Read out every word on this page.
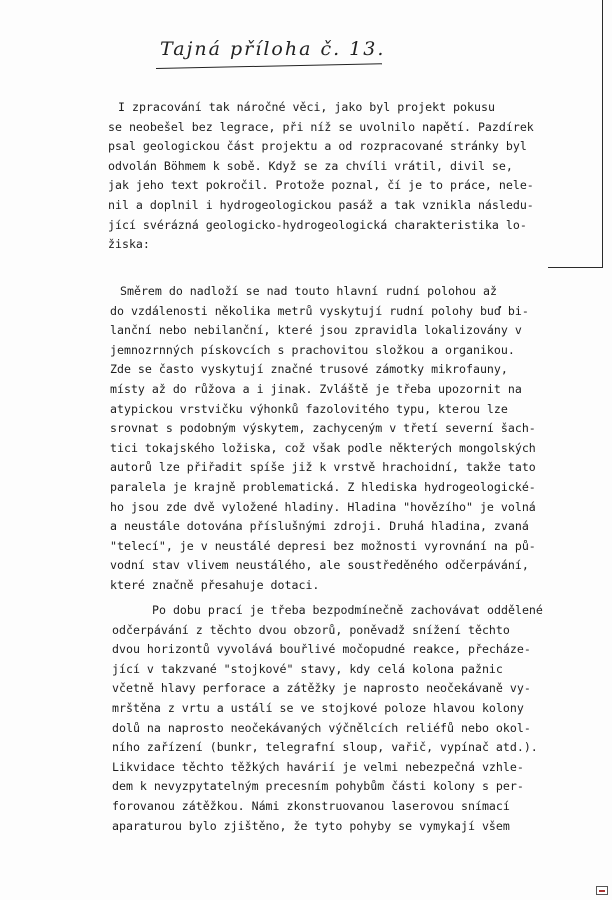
Tajná příloha č. 13.
I zpracování tak náročné věci, jako byl projekt pokusu
se neobešel bez legrace, při níž se uvolnilo napětí. Pazdírek
psal geologickou část projektu a od rozpracované stránky byl
odvolán Böhmem k sobě. Když se za chvíli vrátil, divil se,
jak jeho text pokročil. Protože poznal, čí je to práce, nele-
nil a doplnil i hydrogeologickou pasáž a tak vznikla následu-
jící svérázná geologicko-hydrogeologická charakteristika lo-
žiska:
Směrem do nadloží se nad touto hlavní rudní polohou až
do vzdálenosti několika metrů vyskytují rudní polohy buď bi-
lanční nebo nebilanční, které jsou zpravidla lokalizovány v
jemnozrnných pískovcích s prachovitou složkou a organikou.
Zde se často vyskytují značné trusové zámotky mikrofauny,
místy až do růžova a i jinak. Zvláště je třeba upozornit na
atypickou vrstvičku výhonků fazolovitého typu, kterou lze
srovnat s podobným výskytem, zachyceným v třetí severní šach-
tici tokajského ložiska, což však podle některých mongolských
autorů lze přiřadit spíše již k vrstvě hrachoidní, takže tato
paralela je krajně problematická. Z hlediska hydrogeologické-
ho jsou zde dvě vyložené hladiny. Hladina "hovězího" je volná
a neustále dotována příslušnými zdroji. Druhá hladina, zvaná
"telecí", je v neustálé depresi bez možnosti vyrovnání na pů-
vodní stav vlivem neustálého, ale soustředěného odčerpávání,
které značně přesahuje dotaci.
Po dobu prací je třeba bezpodmínečně zachovávat oddělené
odčerpávání z těchto dvou obzorů, poněvadž snížení těchto
dvou horizontů vyvolává bouřlivé močopudné reakce, přecháze-
jící v takzvané "stojkové" stavy, kdy celá kolona pažnic
včetně hlavy perforace a zátěžky je naprosto neočekávaně vy-
mrštěna z vrtu a ustálí se ve stojkové poloze hlavou kolony
dolů na naprosto neočekávaných výčnělcích reliéfů nebo okol-
ního zařízení (bunkr, telegrafní sloup, vařič, vypínač atd.).
Likvidace těchto těžkých havárií je velmi nebezpečná vzhle-
dem k nevyzpytatelným precesním pohybům části kolony s per-
forovanou zátěžkou. Námi zkonstruovanou laserovou snímací
aparaturou bylo zjištěno, že tyto pohyby se vymykají všem
